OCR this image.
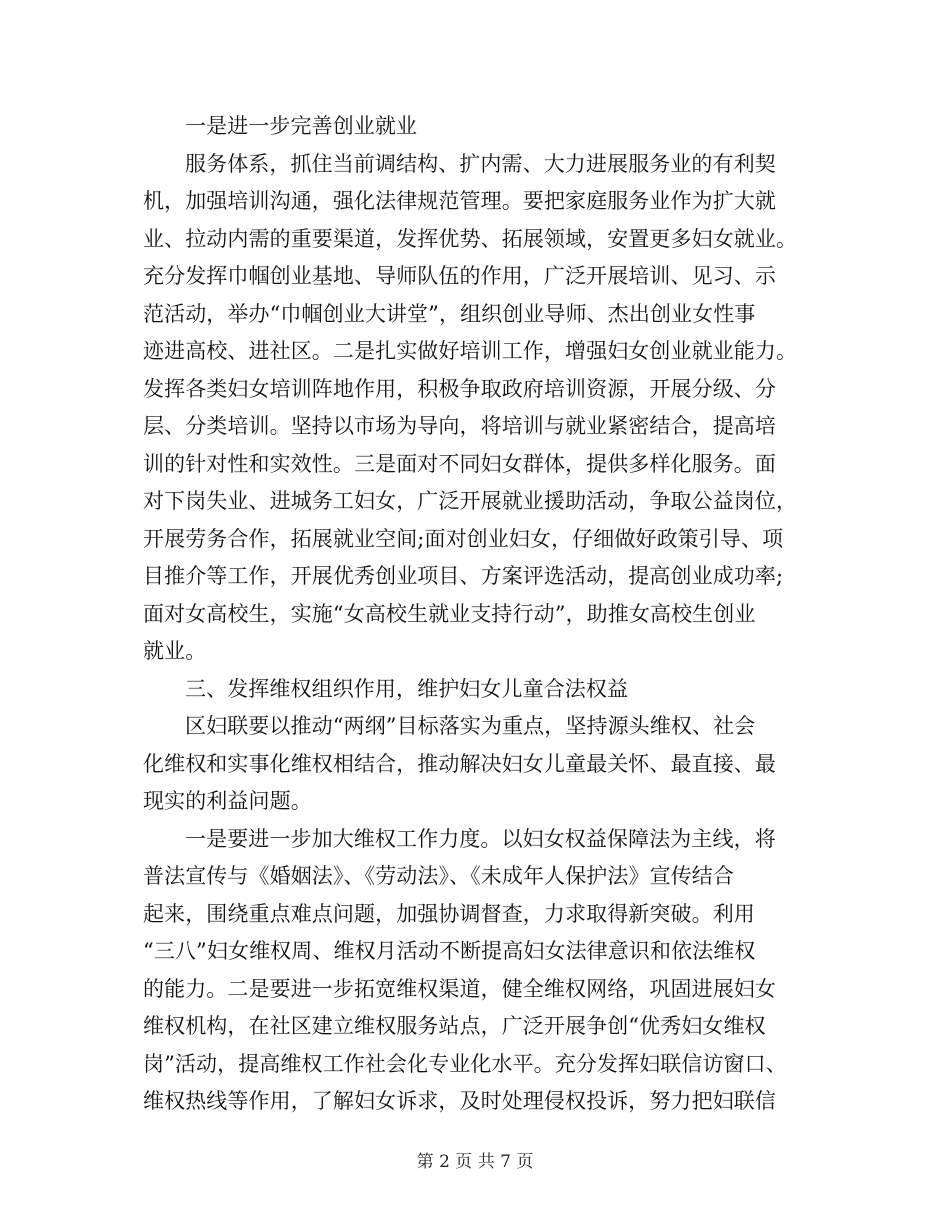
一是进一步完善创业就业
服务体系，抓住当前调结构、扩内需、大力进展服务业的有利契
机，加强培训沟通，强化法律规范管理。要把家庭服务业作为扩大就
业、拉动内需的重要渠道，发挥优势、拓展领域，安置更多妇女就业。
充分发挥巾帼创业基地、导师队伍的作用，广泛开展培训、见习、示
范活动，举办“巾帼创业大讲堂”，组织创业导师、杰出创业女性事
迹进高校、进社区。二是扎实做好培训工作，增强妇女创业就业能力。
发挥各类妇女培训阵地作用，积极争取政府培训资源，开展分级、分
层、分类培训。坚持以市场为导向，将培训与就业紧密结合，提高培
训的针对性和实效性。三是面对不同妇女群体，提供多样化服务。面
对下岗失业、进城务工妇女，广泛开展就业援助活动，争取公益岗位，
开展劳务合作，拓展就业空间;面对创业妇女，仔细做好政策引导、项
目推介等工作，开展优秀创业项目、方案评选活动，提高创业成功率;
面对女高校生，实施“女高校生就业支持行动”，助推女高校生创业
就业。
三、发挥维权组织作用，维护妇女儿童合法权益
区妇联要以推动“两纲”目标落实为重点，坚持源头维权、社会
化维权和实事化维权相结合，推动解决妇女儿童最关怀、最直接、最
现实的利益问题。
一是要进一步加大维权工作力度。以妇女权益保障法为主线，将
普法宣传与《婚姻法》、《劳动法》、《未成年人保护法》宣传结合
起来，围绕重点难点问题，加强协调督查，力求取得新突破。利用
“三八”妇女维权周、维权月活动不断提高妇女法律意识和依法维权
的能力。二是要进一步拓宽维权渠道，健全维权网络，巩固进展妇女
维权机构，在社区建立维权服务站点，广泛开展争创“优秀妇女维权
岗”活动，提高维权工作社会化专业化水平。充分发挥妇联信访窗口、
维权热线等作用，了解妇女诉求，及时处理侵权投诉，努力把妇联信
第 2 页 共 7 页
